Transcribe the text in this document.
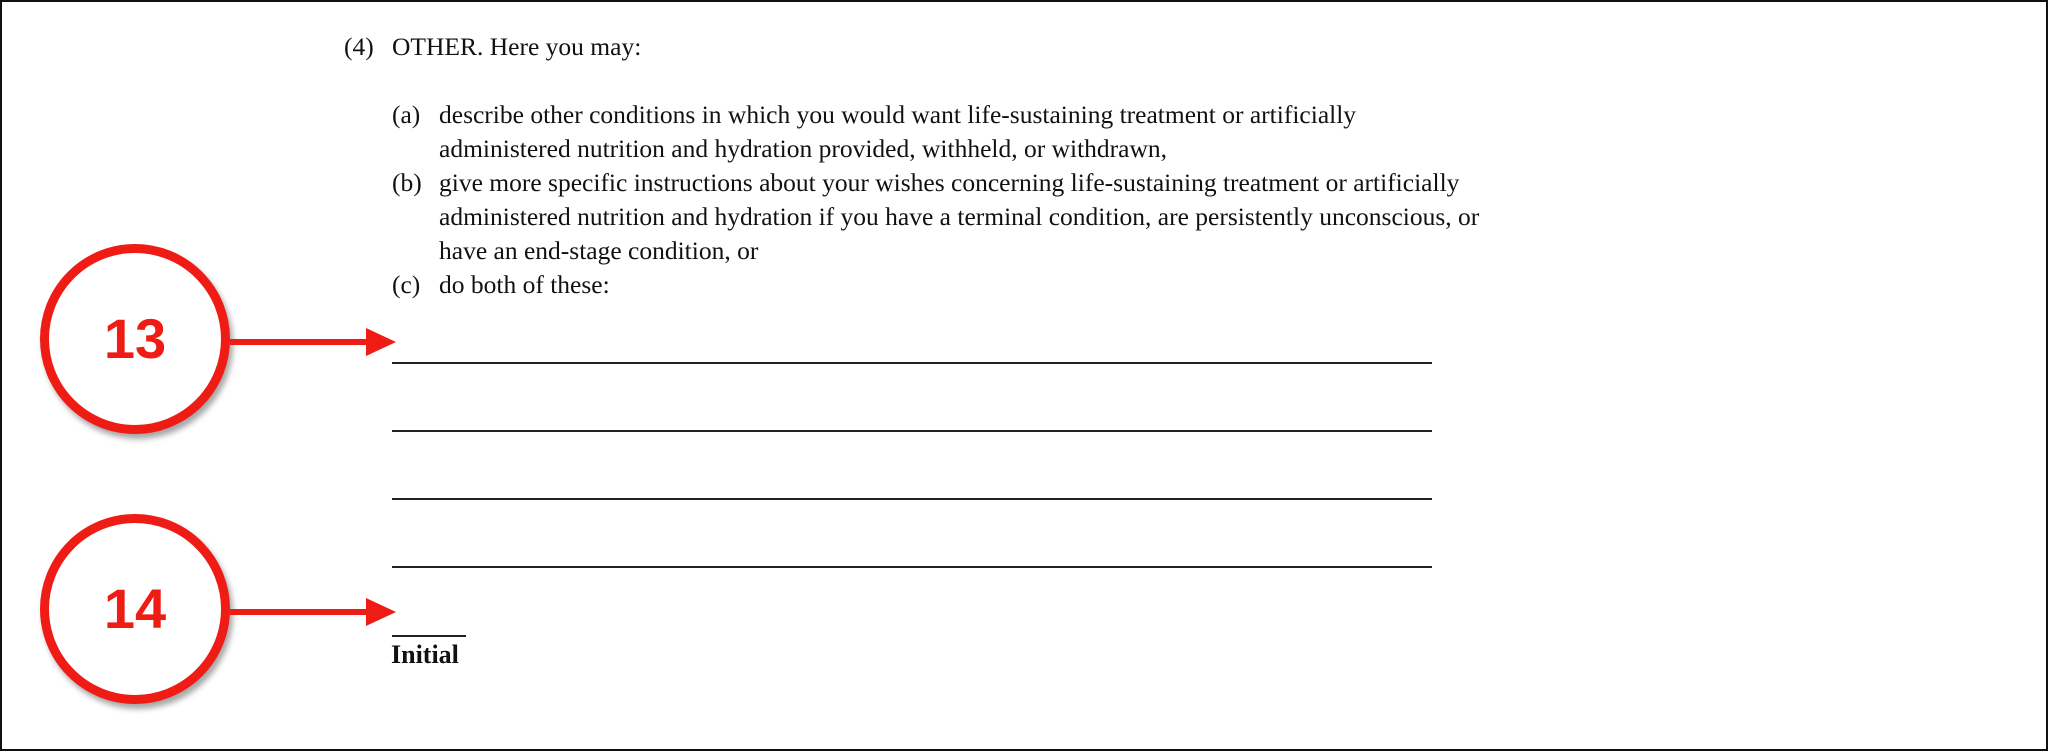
(4) OTHER. Here you may:
(a) describe other conditions in which you would want life-sustaining treatment or artificially
administered nutrition and hydration provided, withheld, or withdrawn,
(b) give more specific instructions about your wishes concerning life-sustaining treatment or artificially
administered nutrition and hydration if you have a terminal condition, are persistently unconscious, or
have an end-stage condition, or
(c) do both of these:
Initial
13
14
